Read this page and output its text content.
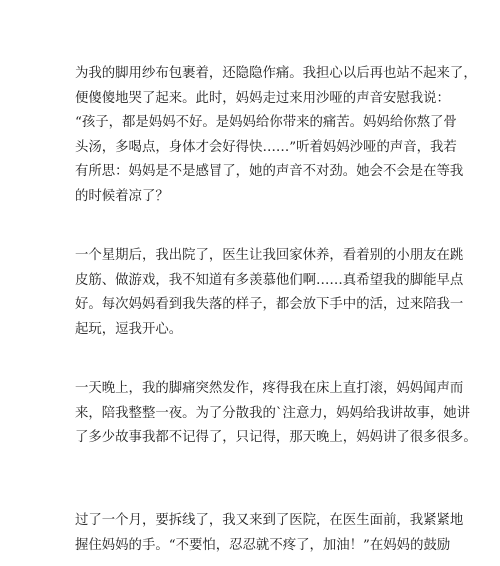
为我的脚用纱布包裹着，还隐隐作痛。我担心以后再也站不起来了，
便傻傻地哭了起来。此时，妈妈走过来用沙哑的声音安慰我说：
“孩子，都是妈妈不好。是妈妈给你带来的痛苦。妈妈给你熬了骨
头汤，多喝点，身体才会好得快……”听着妈妈沙哑的声音，我若
有所思：妈妈是不是感冒了，她的声音不对劲。她会不会是在等我
的时候着凉了？
一个星期后，我出院了，医生让我回家休养，看着别的小朋友在跳
皮筋、做游戏，我不知道有多羡慕他们啊……真希望我的脚能早点
好。每次妈妈看到我失落的样子，都会放下手中的活，过来陪我一
起玩，逗我开心。
一天晚上，我的脚痛突然发作，疼得我在床上直打滚，妈妈闻声而
来，陪我整整一夜。为了分散我的`注意力，妈妈给我讲故事，她讲
了多少故事我都不记得了，只记得，那天晚上，妈妈讲了很多很多。
过了一个月，要拆线了，我又来到了医院，在医生面前，我紧紧地
握住妈妈的手。“不要怕，忍忍就不疼了，加油！”在妈妈的鼓励
